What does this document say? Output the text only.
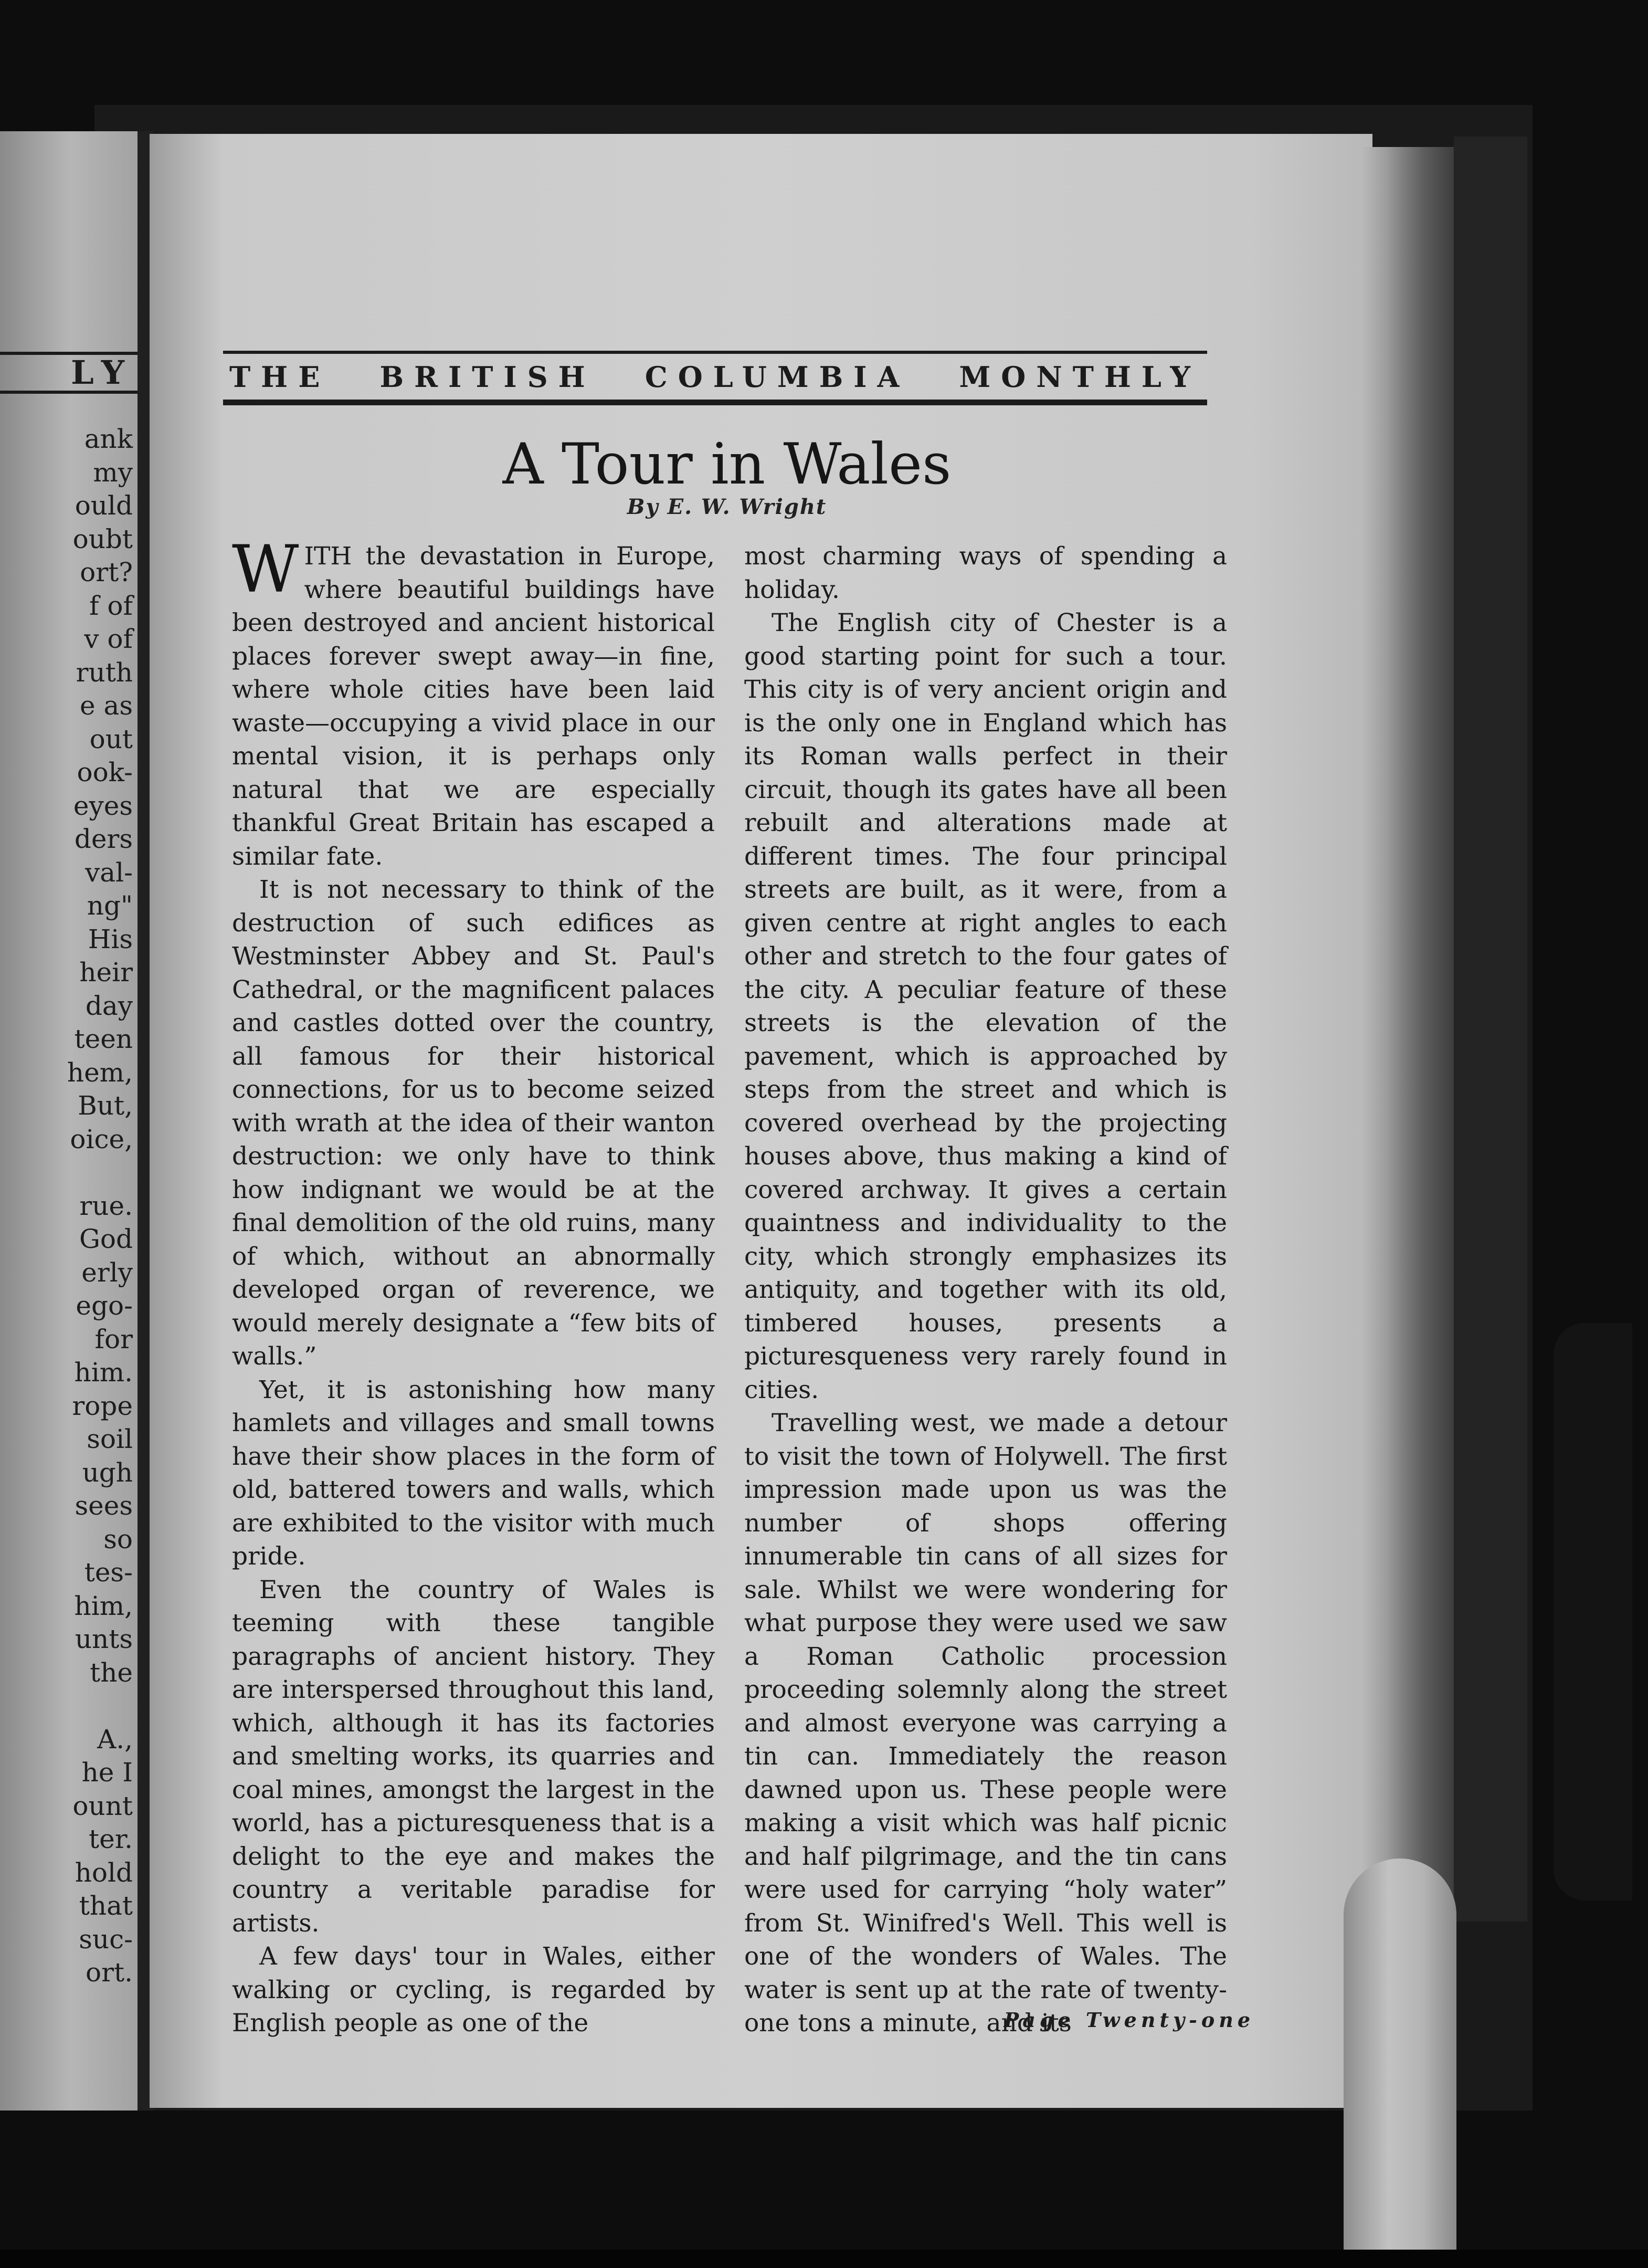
LY
ank
my
ould
oubt
ort?
f of
v of
ruth
e as
out
ook-
eyes
ders
val-
ng"
His
heir
day
teen
hem,
But,
oice,
rue.
God
erly
ego-
for
him.
rope
soil
ugh
sees
so
tes-
him,
unts
the
A.,
he I
ount
ter.
hold
that
suc-
ort.
THE BRITISH COLUMBIA MONTHLY
A Tour in Wales
By E. W. Wright

WITH the devastation in Europe, where beautiful buildings have been destroyed and ancient historical places forever swept away—in fine, where whole cities have been laid waste—occupying a vivid place in our mental vision, it is perhaps only natural that we are especially thankful Great Britain has escaped a similar fate.

It is not necessary to think of the destruction of such edifices as Westminster Abbey and St. Paul's Cathedral, or the magnificent palaces and castles dotted over the country, all famous for their historical connections, for us to become seized with wrath at the idea of their wanton destruction: we only have to think how indignant we would be at the final demolition of the old ruins, many of which, without an abnormally developed organ of reverence, we would merely designate a “few bits of walls.”

Yet, it is astonishing how many hamlets and villages and small towns have their show places in the form of old, battered towers and walls, which are exhibited to the visitor with much pride.

Even the country of Wales is teeming with these tangible paragraphs of ancient history. They are interspersed throughout this land, which, although it has its factories and smelting works, its quarries and coal mines, amongst the largest in the world, has a picturesqueness that is a delight to the eye and makes the country a veritable paradise for artists.

A few days' tour in Wales, either walking or cycling, is regarded by English people as one of the

most charming ways of spending a holiday.

The English city of Chester is a good starting point for such a tour. This city is of very ancient origin and is the only one in England which has its Roman walls perfect in their circuit, though its gates have all been rebuilt and alterations made at different times. The four principal streets are built, as it were, from a given centre at right angles to each other and stretch to the four gates of the city. A peculiar feature of these streets is the elevation of the pavement, which is approached by steps from the street and which is covered overhead by the projecting houses above, thus making a kind of covered archway. It gives a certain quaintness and individuality to the city, which strongly emphasizes its antiquity, and together with its old, timbered houses, presents a picturesqueness very rarely found in cities.

Travelling west, we made a detour to visit the town of Holywell. The first impression made upon us was the number of shops offering innumerable tin cans of all sizes for sale. Whilst we were wondering for what purpose they were used we saw a Roman Catholic procession proceeding solemnly along the street and almost everyone was carrying a tin can. Immediately the reason dawned upon us. These people were making a visit which was half picnic and half pilgrimage, and the tin cans were used for carrying “holy water” from St. Winifred's Well. This well is one of the wonders of Wales. The water is sent up at the rate of twenty-one tons a minute, and its

Page Twenty-one
